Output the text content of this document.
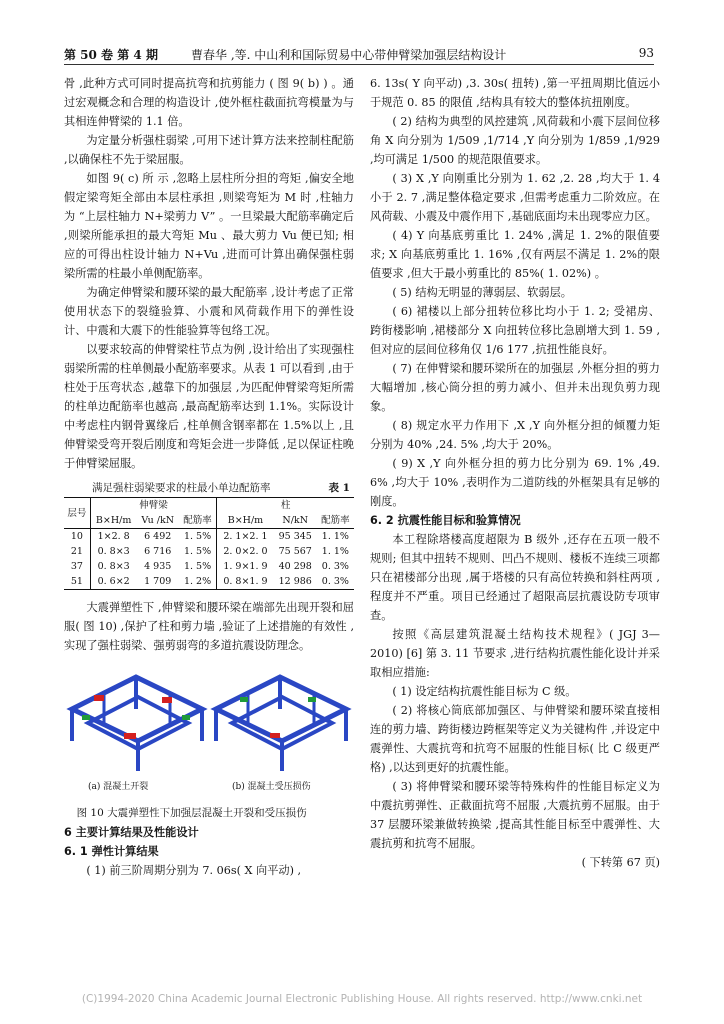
第 50 卷 第 4 期	曹春华 ,等. 中山利和国际贸易中心带伸臂梁加强层结构设计	93

骨 ,此种方式可同时提高抗弯和抗剪能力 ( 图 9( b) ) 。通过宏观概念和合理的构造设计 ,使外框柱截面抗弯模量为与其相连伸臂梁的 1.1 倍。

为定量分析强柱弱梁 ,可用下述计算方法来控制柱配筋 ,以确保柱不先于梁屈服。

如图 9( c) 所 示 ,忽略上层柱所分担的弯矩 ,偏安全地假定梁弯矩全部由本层柱承担 ,则梁弯矩为 M 时 ,柱轴力为 “上层柱轴力 N+梁剪力 V” 。一旦梁最大配筋率确定后 ,则梁所能承担的最大弯矩 Mu 、最大剪力 Vu 便已知; 相应的可得出柱设计轴力 N+Vu ,进而可计算出确保强柱弱梁所需的柱最小单侧配筋率。

为确定伸臂梁和腰环梁的最大配筋率 ,设计考虑了正常使用状态下的裂缝验算、小震和风荷载作用下的弹性设计、中震和大震下的性能验算等包络工况。

以要求较高的伸臂梁柱节点为例 ,设计给出了实现强柱弱梁所需的柱单侧最小配筋率要求。从表 1 可以看到 ,由于柱处于压弯状态 ,越靠下的加强层 ,为匹配伸臂梁弯矩所需的柱单边配筋率也越高 ,最高配筋率达到 1.1%。实际设计中考虑柱内钢骨翼缘后 ,柱单侧含钢率都在 1.5%以上 ,且伸臂梁受弯开裂后刚度和弯矩会进一步降低 ,足以保证柱晚于伸臂梁屈服。

满足强柱弱梁要求的柱最小单边配筋率	表 1
层号	伸臂梁			柱		
	B×H/m	Vu /kN	配筋率	B×H/m	N/kN	配筋率
10	1×2. 8	6 492	1. 5%	2. 1×2. 1	95 345	1. 1%
21	0. 8×3	6 716	1. 5%	2. 0×2. 0	75 567	1. 1%
37	0. 8×3	4 935	1. 5%	1. 9×1. 9	40 298	0. 3%
51	0. 6×2	1 709	1. 2%	0. 8×1. 9	12 986	0. 3%

大震弹塑性下 ,伸臂梁和腰环梁在端部先出现开裂和屈服( 图 10) ,保护了柱和剪力墙 ,验证了上述措施的有效性 ,实现了强柱弱梁、强剪弱弯的多道抗震设防理念。

(a) 混凝土开裂	(b) 混凝土受压损伤

图 10 大震弹塑性下加强层混凝土开裂和受压损伤

6 主要计算结果及性能设计

6. 1 弹性计算结果

( 1) 前三阶周期分别为 7. 06s( X 向平动) ,

6. 13s( Y 向平动) ,3. 30s( 扭转) ,第一平扭周期比值远小于规范 0. 85 的限值 ,结构具有较大的整体抗扭刚度。

( 2) 结构为典型的风控建筑 ,风荷载和小震下层间位移角 X 向分别为 1/509 ,1/714 ,Y 向分别为 1/859 ,1/929 ,均可满足 1/500 的规范限值要求。

( 3) X ,Y 向刚重比分别为 1. 62 ,2. 28 ,均大于 1. 4 小于 2. 7 ,满足整体稳定要求 ,但需考虑重力二阶效应。在风荷载、小震及中震作用下 ,基础底面均未出现零应力区。

( 4) Y 向基底剪重比 1. 24% ,满足 1. 2%的限值要求; X 向基底剪重比 1. 16% ,仅有两层不满足 1. 2%的限值要求 ,但大于最小剪重比的 85%( 1. 02%) 。

( 5) 结构无明显的薄弱层、软弱层。

( 6) 裙楼以上部分扭转位移比均小于 1. 2; 受裙房、跨街楼影响 ,裙楼部分 X 向扭转位移比急剧增大到 1. 59 ,但对应的层间位移角仅 1/6 177 ,抗扭性能良好。

( 7) 在伸臂梁和腰环梁所在的加强层 ,外框分担的剪力大幅增加 ,核心筒分担的剪力减小、但并未出现负剪力现象。

( 8) 规定水平力作用下 ,X ,Y 向外框分担的倾覆力矩分别为 40% ,24. 5% ,均大于 20%。

( 9) X ,Y 向外框分担的剪力比分别为 69. 1% ,49. 6% ,均大于 10% ,表明作为二道防线的外框架具有足够的刚度。

6. 2 抗震性能目标和验算情况

本工程除塔楼高度超限为 B 级外 ,还存在五项一般不规则; 但其中扭转不规则、凹凸不规则、楼板不连续三项都只在裙楼部分出现 ,属于塔楼的只有高位转换和斜柱两项 ,程度并不严重。项目已经通过了超限高层抗震设防专项审查。

按照《高层建筑混凝土结构技术规程》( JGJ 3—2010) [6] 第 3. 11 节要求 ,进行结构抗震性能化设计并采取相应措施:

( 1) 设定结构抗震性能目标为 C 级。

( 2) 将核心筒底部加强区、与伸臂梁和腰环梁直接相连的剪力墙、跨街楼边跨框架等定义为关键构件 ,并设定中震弹性、大震抗弯和抗弯不屈服的性能目标( 比 C 级更严格) ,以达到更好的抗震性能。

( 3) 将伸臂梁和腰环梁等特殊构件的性能目标定义为中震抗剪弹性、正截面抗弯不屈服 ,大震抗剪不屈服。由于 37 层腰环梁兼做转换梁 ,提高其性能目标至中震弹性、大震抗剪和抗弯不屈服。

( 下转第 67 页)

(C)1994-2020 China Academic Journal Electronic Publishing House. All rights reserved. http://www.cnki.net
